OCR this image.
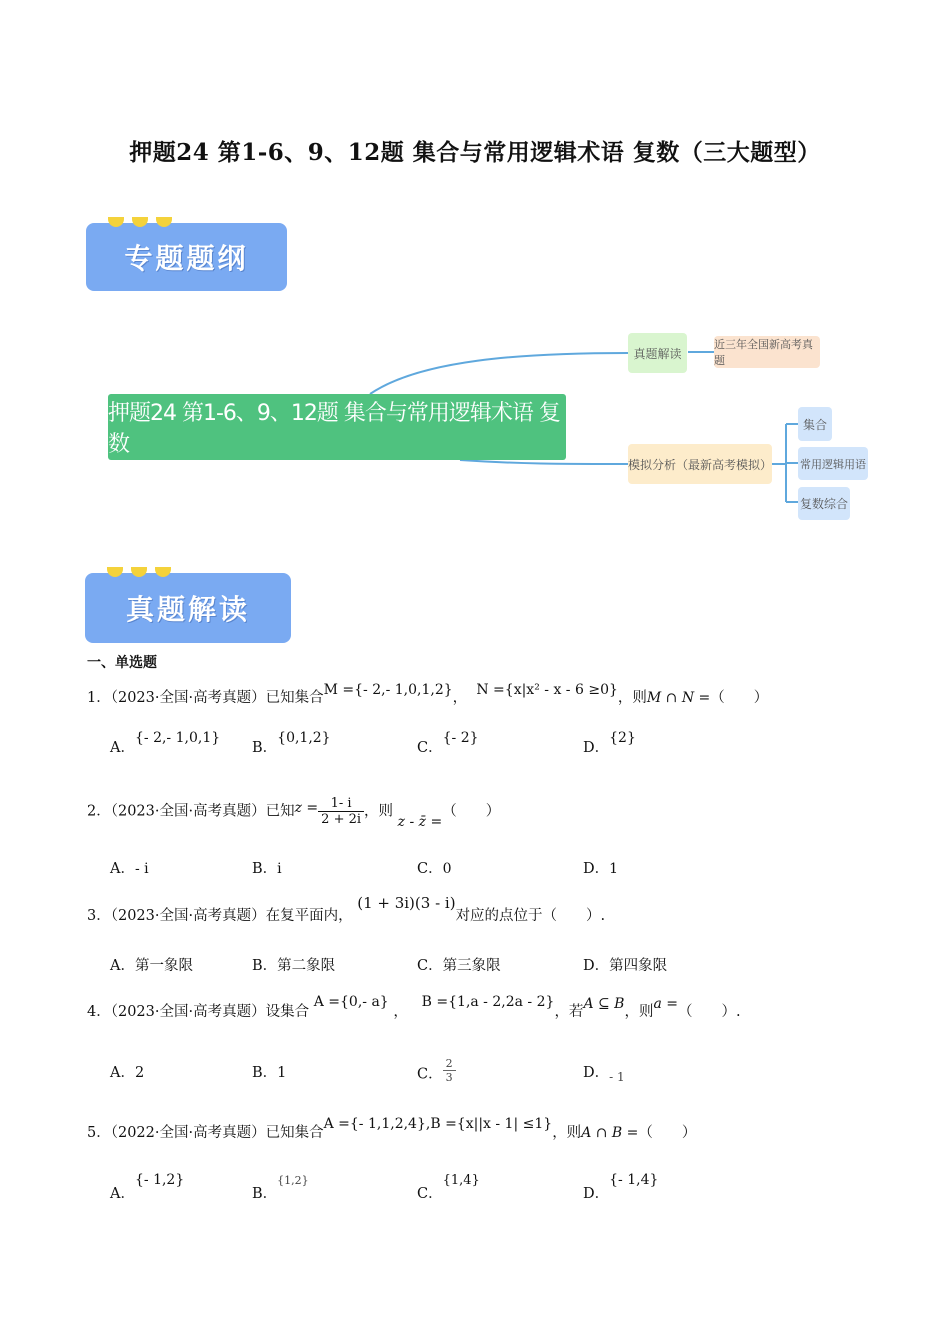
押题24 第1-6、9、12题 集合与常用逻辑术语 复数（三大题型）
专题题纲
押题24 第1-6、9、12题 集合与常用逻辑术语 复数
真题解读
近三年全国新高考真题
模拟分析（最新高考模拟）
集合
常用逻辑用语
复数综合
真题解读
一、单选题
1．（2023·全国·高考真题）已知集合M ={- 2,- 1,0,1,2}， N ={x|x² - x - 6 ≥0}，则M ∩ N =（　　）
A．{- 2,- 1,0,1}
B．{0,1,2}
C．{- 2}
D．{2}
2．（2023·全国·高考真题）已知$z = \frac{1- i}{2 + 2i}$ ，则 z - z̄ =（　　）
A．- i	B．i	C．0	D．1
3．（2023·全国·高考真题）在复平面内， (1 + 3i)(3 - i)对应的点位于（　　）.
A．第一象限	B．第二象限	C．第三象限	D．第四象限
4．（2023·全国·高考真题）设集合 A ={0,- a} ，   B ={1,a - 2,2a - 2}，若A ⊆ B，则a =（　　）.
A．2	B．1	C． $\frac{2}{3}$	D．$_{- 1}$
5．（2022·全国·高考真题）已知集合A ={- 1,1,2,4},B ={x||x - 1| ≤1}，则A ∩ B =（　　）
A．{- 1,2}
B．$^{\{1,2\}}$
C．{1,4}
D．{- 1,4}
